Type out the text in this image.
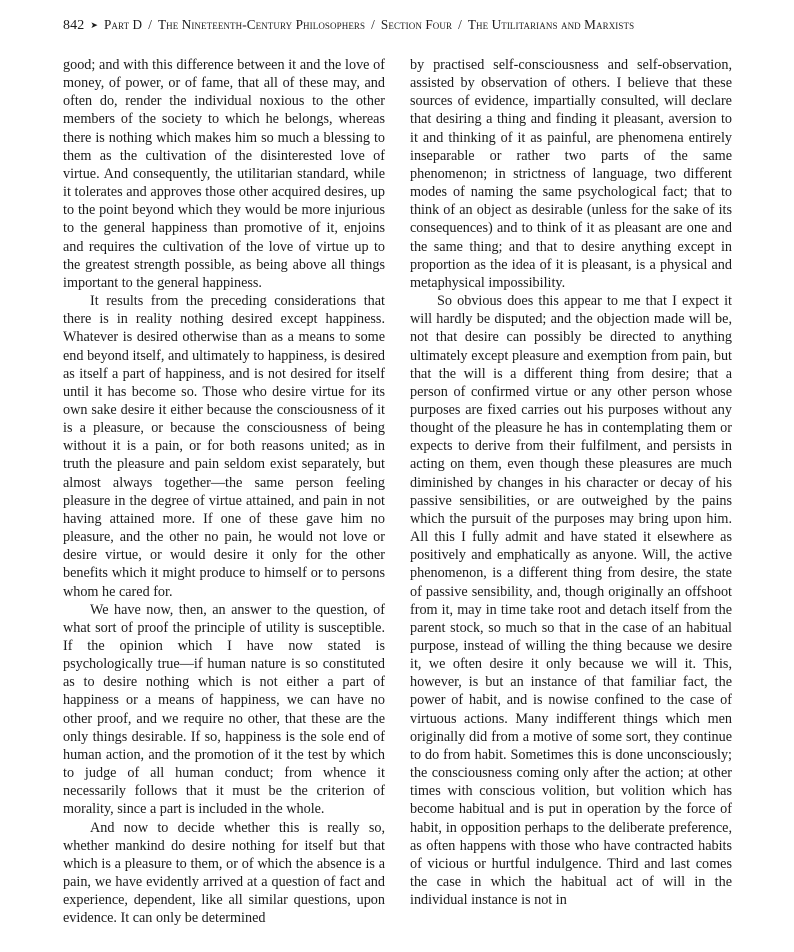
842 ➤ Part D / The Nineteenth-Century Philosophers / Section Four / The Utilitarians and Marxists

good; and with this difference between it and the love of money, of power, or of fame, that all of these may, and often do, render the individual noxious to the other members of the society to which he belongs, whereas there is nothing which makes him so much a blessing to them as the cultivation of the disinterested love of virtue. And consequently, the utilitarian standard, while it tolerates and approves those other acquired desires, up to the point beyond which they would be more injurious to the general happiness than promotive of it, enjoins and requires the cultivation of the love of virtue up to the greatest strength possible, as being above all things important to the general happiness.

It results from the preceding considerations that there is in reality nothing desired except happiness. Whatever is desired otherwise than as a means to some end beyond itself, and ultimately to happiness, is desired as itself a part of happiness, and is not desired for itself until it has become so. Those who desire virtue for its own sake desire it either because the consciousness of it is a pleasure, or because the consciousness of being without it is a pain, or for both reasons united; as in truth the pleasure and pain seldom exist separately, but almost always together—the same person feeling pleasure in the degree of virtue attained, and pain in not having attained more. If one of these gave him no pleasure, and the other no pain, he would not love or desire virtue, or would desire it only for the other benefits which it might produce to himself or to persons whom he cared for.

We have now, then, an answer to the question, of what sort of proof the principle of utility is susceptible. If the opinion which I have now stated is psychologically true—if human nature is so constituted as to desire nothing which is not either a part of happiness or a means of happiness, we can have no other proof, and we require no other, that these are the only things desirable. If so, happiness is the sole end of human action, and the promotion of it the test by which to judge of all human conduct; from whence it necessarily follows that it must be the criterion of morality, since a part is included in the whole.

And now to decide whether this is really so, whether mankind do desire nothing for itself but that which is a pleasure to them, or of which the absence is a pain, we have evidently arrived at a question of fact and experience, dependent, like all similar questions, upon evidence. It can only be determined

by practised self-consciousness and self-observation, assisted by observation of others. I believe that these sources of evidence, impartially consulted, will declare that desiring a thing and finding it pleasant, aversion to it and thinking of it as painful, are phenomena entirely inseparable or rather two parts of the same phenomenon; in strictness of language, two different modes of naming the same psychological fact; that to think of an object as desirable (unless for the sake of its consequences) and to think of it as pleasant are one and the same thing; and that to desire anything except in proportion as the idea of it is pleasant, is a physical and metaphysical impossibility.

So obvious does this appear to me that I expect it will hardly be disputed; and the objection made will be, not that desire can possibly be directed to anything ultimately except pleasure and exemption from pain, but that the will is a different thing from desire; that a person of confirmed virtue or any other person whose purposes are fixed carries out his purposes without any thought of the pleasure he has in contemplating them or expects to derive from their fulfilment, and persists in acting on them, even though these pleasures are much diminished by changes in his character or decay of his passive sensibilities, or are outweighed by the pains which the pursuit of the purposes may bring upon him. All this I fully admit and have stated it elsewhere as positively and emphatically as anyone. Will, the active phenomenon, is a different thing from desire, the state of passive sensibility, and, though originally an offshoot from it, may in time take root and detach itself from the parent stock, so much so that in the case of an habitual purpose, instead of willing the thing because we desire it, we often desire it only because we will it. This, however, is but an instance of that familiar fact, the power of habit, and is nowise confined to the case of virtuous actions. Many indifferent things which men originally did from a motive of some sort, they continue to do from habit. Sometimes this is done unconsciously; the consciousness coming only after the action; at other times with conscious volition, but volition which has become habitual and is put in operation by the force of habit, in opposition perhaps to the deliberate preference, as often happens with those who have contracted habits of vicious or hurtful indulgence. Third and last comes the case in which the habitual act of will in the individual instance is not in
